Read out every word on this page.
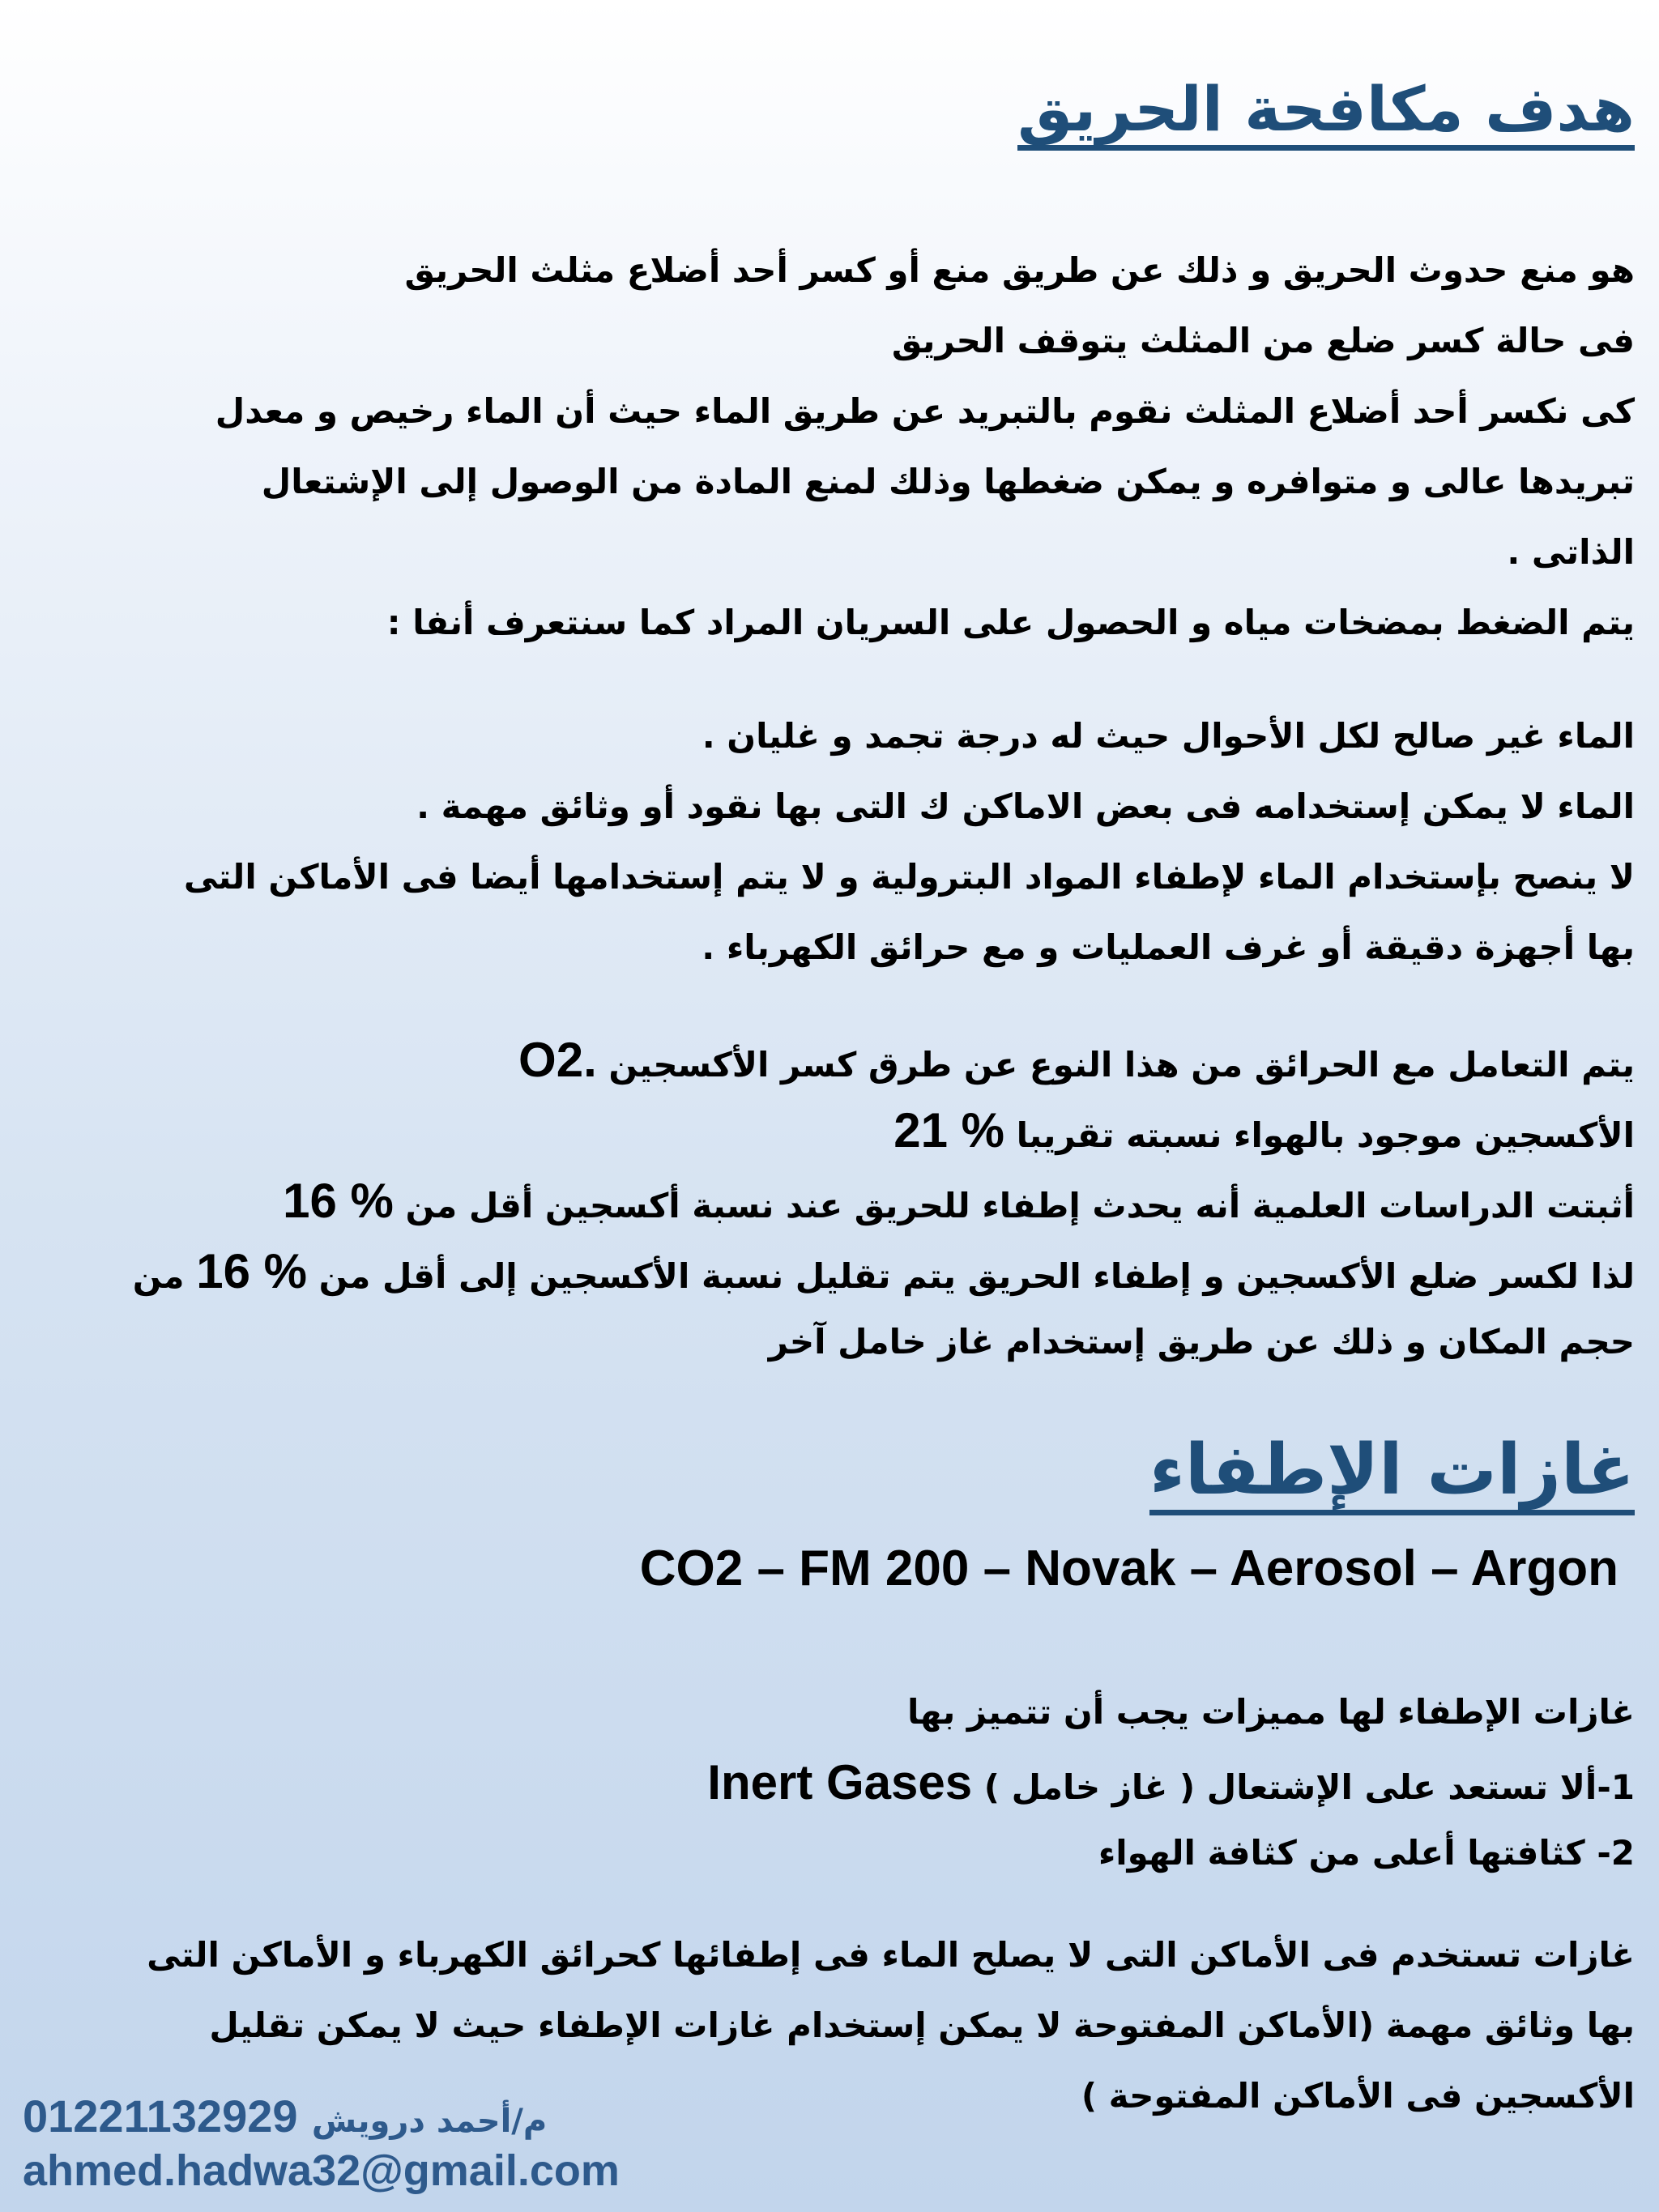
هدف مكافحة الحريق
هو منع حدوث الحريق و ذلك عن طريق منع أو كسر أحد أضلاع مثلث الحريق
فى حالة كسر ضلع من المثلث يتوقف الحريق
كى نكسر أحد أضلاع المثلث نقوم بالتبريد عن طريق الماء حيث أن الماء رخيص و معدل
تبريدها عالى و متوافره و يمكن ضغطها وذلك لمنع المادة من الوصول إلى الإشتعال
الذاتى .
يتم الضغط بمضخات مياه و الحصول على السريان المراد كما سنتعرف أنفا :
الماء غير صالح لكل الأحوال حيث له درجة تجمد و غليان .
الماء لا يمكن إستخدامه فى بعض الاماكن ك التى بها نقود أو وثائق مهمة .
لا ينصح بإستخدام الماء لإطفاء المواد البترولية و لا يتم إستخدامها أيضا فى الأماكن التى
بها أجهزة دقيقة أو غرف العمليات و مع حرائق الكهرباء .
يتم التعامل مع الحرائق من هذا النوع عن طرق كسر الأكسجين O2.
الأكسجين موجود بالهواء نسبته تقريبا 21 %
أثبتت الدراسات العلمية أنه يحدث إطفاء للحريق عند نسبة أكسجين أقل من 16 %
لذا لكسر ضلع الأكسجين و إطفاء الحريق يتم تقليل نسبة الأكسجين إلى أقل من 16 % من
حجم المكان و ذلك عن طريق إستخدام غاز خامل آخر
غازات الإطفاء
CO2 – FM 200 – Novak – Aerosol – Argon
غازات الإطفاء لها مميزات يجب أن تتميز بها
1-ألا تستعد على الإشتعال ( غاز خامل ) Inert Gases
2- كثافتها أعلى من كثافة الهواء
غازات تستخدم فى الأماكن التى لا يصلح الماء فى إطفائها كحرائق الكهرباء و الأماكن التى
بها وثائق مهمة (الأماكن المفتوحة لا يمكن إستخدام غازات الإطفاء حيث لا يمكن تقليل
الأكسجين فى الأماكن المفتوحة )
01221132929 م/أحمد درويش
ahmed.hadwa32@gmail.com
